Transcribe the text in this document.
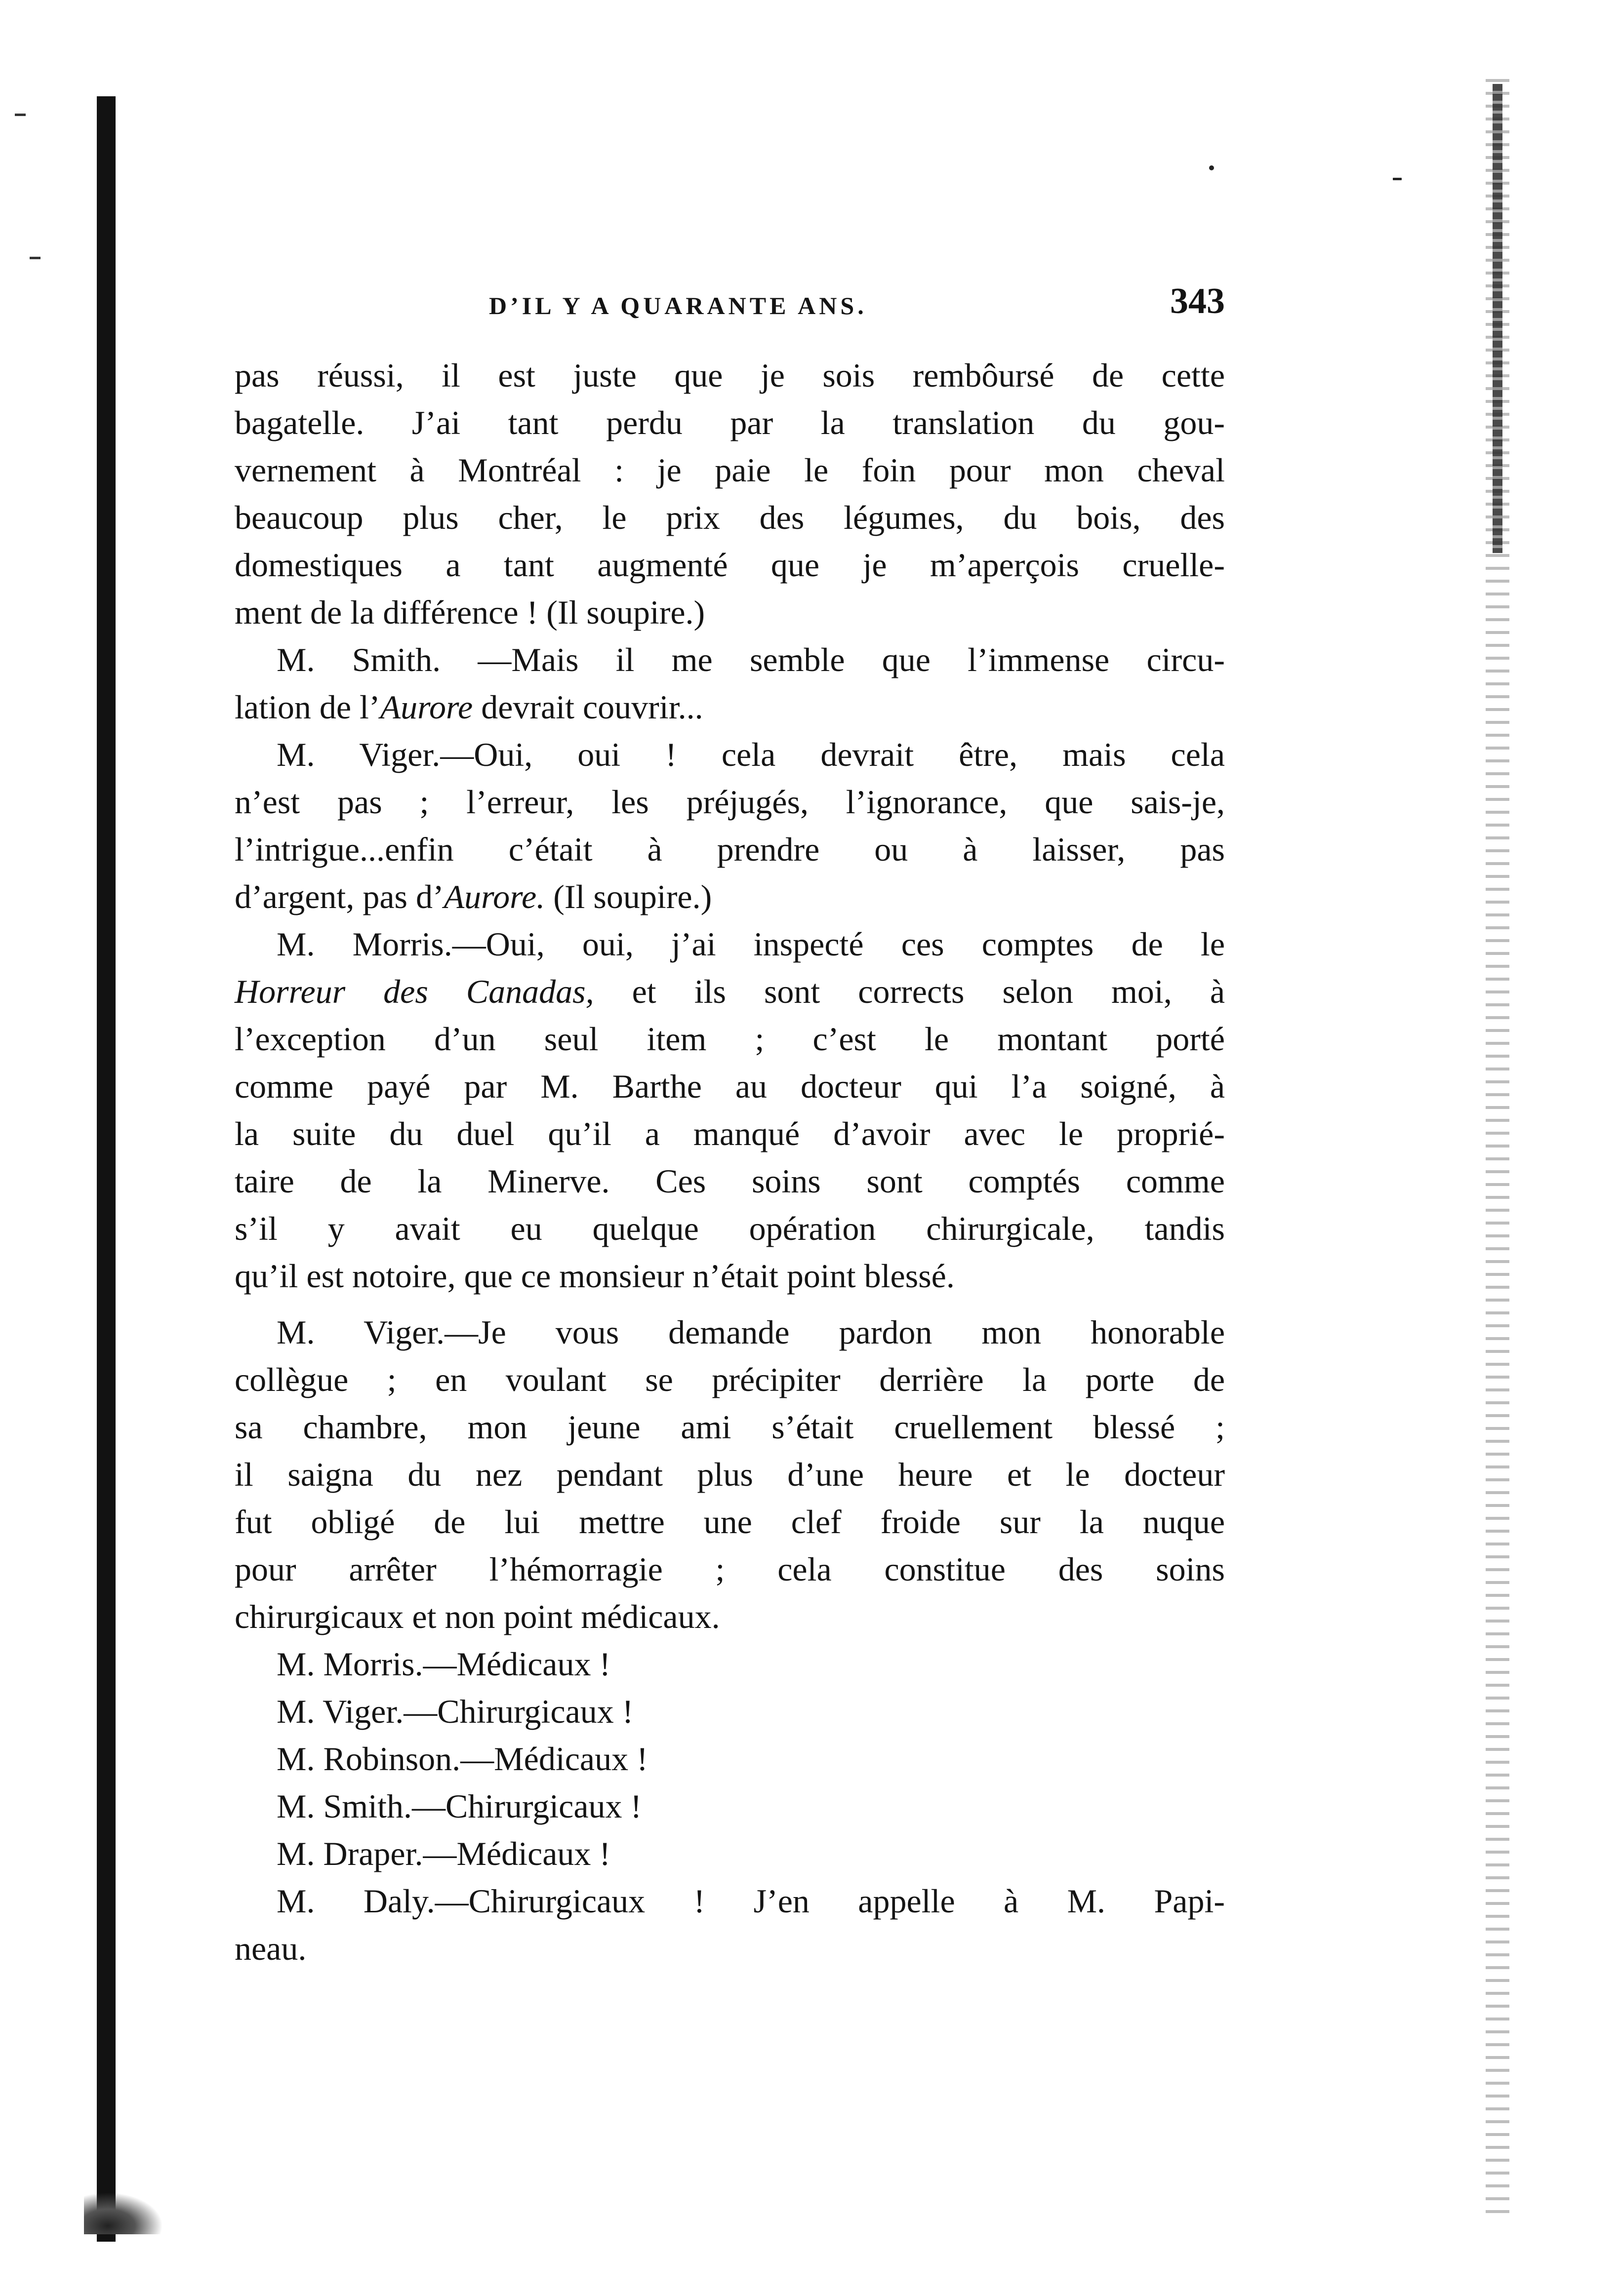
D’IL Y A QUARANTE ANS.	343
pas réussi, il est juste que je sois rembôursé de cette
bagatelle. J’ai tant perdu par la translation du gou-
vernement à Montréal : je paie le foin pour mon cheval
beaucoup plus cher, le prix des légumes, du bois, des
domestiques a tant augmenté que je m’aperçois cruelle-
ment de la différence ! (Il soupire.)
M. Smith. —Mais il me semble que l’immense circu-
lation de l’Aurore devrait couvrir...
M. Viger.—Oui, oui ! cela devrait être, mais cela
n’est pas ; l’erreur, les préjugés, l’ignorance, que sais-je,
l’intrigue...enfin c’était à prendre ou à laisser, pas
d’argent, pas d’Aurore. (Il soupire.)
M. Morris.—Oui, oui, j’ai inspecté ces comptes de le
Horreur des Canadas, et ils sont corrects selon moi, à
l’exception d’un seul item ; c’est le montant porté
comme payé par M. Barthe au docteur qui l’a soigné, à
la suite du duel qu’il a manqué d’avoir avec le proprié-
taire de la Minerve. Ces soins sont comptés comme
s’il y avait eu quelque opération chirurgicale, tandis
qu’il est notoire, que ce monsieur n’était point blessé.
M. Viger.—Je vous demande pardon mon honorable
collègue ; en voulant se précipiter derrière la porte de
sa chambre, mon jeune ami s’était cruellement blessé ;
il saigna du nez pendant plus d’une heure et le docteur
fut obligé de lui mettre une clef froide sur la nuque
pour arrêter l’hémorragie ; cela constitue des soins
chirurgicaux et non point médicaux.
M. Morris.—Médicaux !
M. Viger.—Chirurgicaux !
M. Robinson.—Médicaux !
M. Smith.—Chirurgicaux !
M. Draper.—Médicaux !
M. Daly.—Chirurgicaux ! J’en appelle à M. Papi-
neau.
